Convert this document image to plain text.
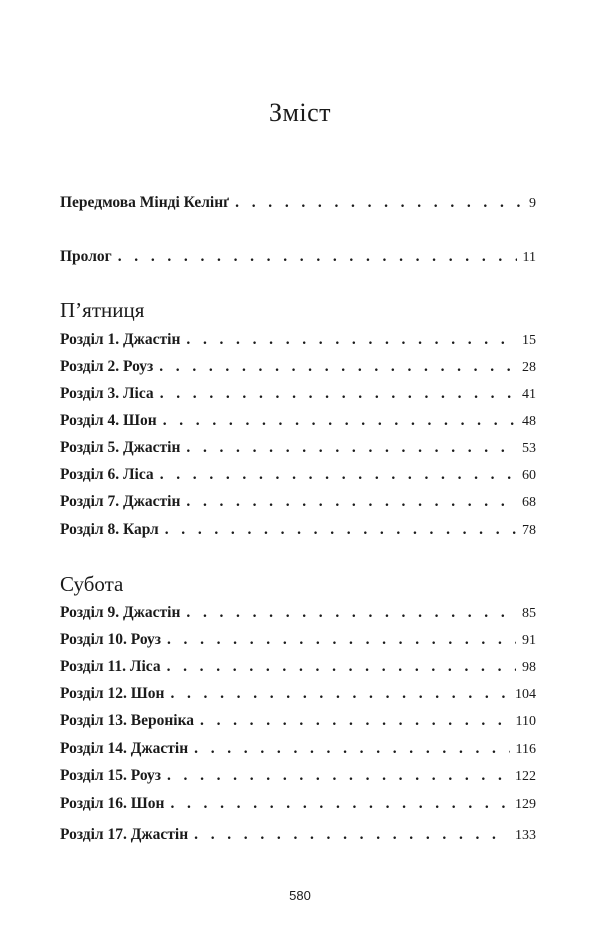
Зміст
Передмова Мінді Келінґ . . .	9
Пролог . . .	11
П’ятниця
Розділ 1. Джастін . . .	15
Розділ 2. Роуз . . .	28
Розділ 3. Ліса . . .	41
Розділ 4. Шон . . .	48
Розділ 5. Джастін . . .	53
Розділ 6. Ліса . . .	60
Розділ 7. Джастін . . .	68
Розділ 8. Карл . . .	78
Субота
Розділ 9. Джастін . . .	85
Розділ 10. Роуз . . .	91
Розділ 11. Ліса . . .	98
Розділ 12. Шон . . .	104
Розділ 13. Вероніка . . .	110
Розділ 14. Джастін . . .	116
Розділ 15. Роуз . . .	122
Розділ 16. Шон . . .	129
Розділ 17. Джастін . . .	133
580
